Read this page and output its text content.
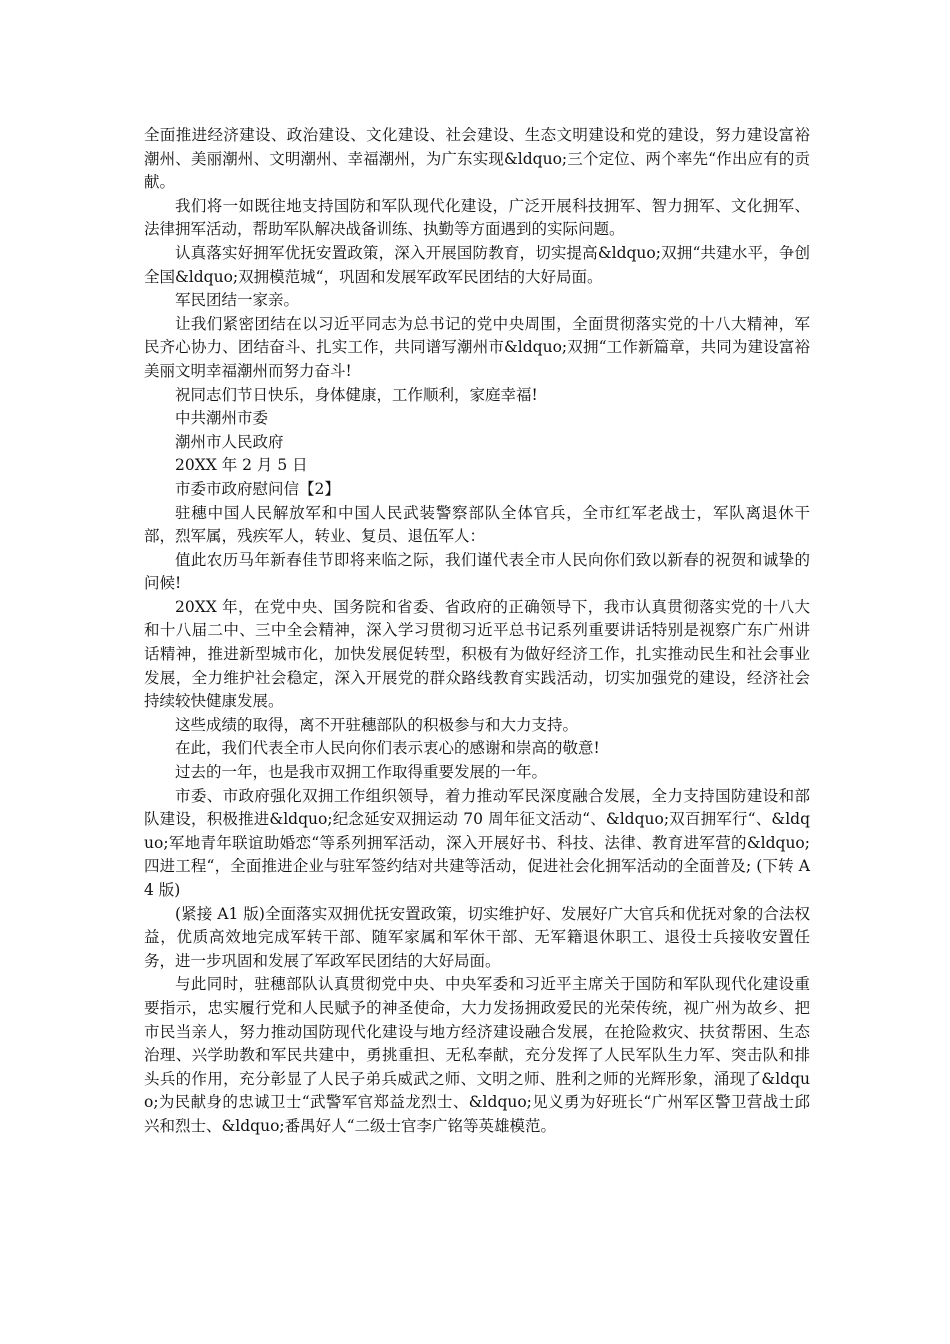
全面推进经济建设、政治建设、文化建设、社会建设、生态文明建设和党的建设，努力建设富裕潮州、美丽潮州、文明潮州、幸福潮州，为广东实现&ldquo;三个定位、两个率先“作出应有的贡献。

我们将一如既往地支持国防和军队现代化建设，广泛开展科技拥军、智力拥军、文化拥军、法律拥军活动，帮助军队解决战备训练、执勤等方面遇到的实际问题。

认真落实好拥军优抚安置政策，深入开展国防教育，切实提高&ldquo;双拥“共建水平，争创全国&ldquo;双拥模范城“，巩固和发展军政军民团结的大好局面。

军民团结一家亲。

让我们紧密团结在以习近平同志为总书记的党中央周围，全面贯彻落实党的十八大精神，军民齐心协力、团结奋斗、扎实工作，共同谱写潮州市&ldquo;双拥“工作新篇章，共同为建设富裕美丽文明幸福潮州而努力奋斗!

祝同志们节日快乐，身体健康，工作顺利，家庭幸福!

中共潮州市委

潮州市人民政府

20XX 年 2 月 5 日

市委市政府慰问信【2】

驻穗中国人民解放军和中国人民武装警察部队全体官兵，全市红军老战士，军队离退休干部，烈军属，残疾军人，转业、复员、退伍军人：

值此农历马年新春佳节即将来临之际，我们谨代表全市人民向你们致以新春的祝贺和诚挚的问候!

20XX 年，在党中央、国务院和省委、省政府的正确领导下，我市认真贯彻落实党的十八大和十八届二中、三中全会精神，深入学习贯彻习近平总书记系列重要讲话特别是视察广东广州讲话精神，推进新型城市化，加快发展促转型，积极有为做好经济工作，扎实推动民生和社会事业发展，全力维护社会稳定，深入开展党的群众路线教育实践活动，切实加强党的建设，经济社会持续较快健康发展。

这些成绩的取得，离不开驻穗部队的积极参与和大力支持。

在此，我们代表全市人民向你们表示衷心的感谢和崇高的敬意!

过去的一年，也是我市双拥工作取得重要发展的一年。

市委、市政府强化双拥工作组织领导，着力推动军民深度融合发展，全力支持国防建设和部队建设，积极推进&ldquo;纪念延安双拥运动 70 周年征文活动“、&ldquo;双百拥军行“、&ldquo;军地青年联谊助婚恋“等系列拥军活动，深入开展好书、科技、法律、教育进军营的&ldquo;四进工程“，全面推进企业与驻军签约结对共建等活动，促进社会化拥军活动的全面普及; (下转 A4 版)

(紧接 A1 版)全面落实双拥优抚安置政策，切实维护好、发展好广大官兵和优抚对象的合法权益，优质高效地完成军转干部、随军家属和军休干部、无军籍退休职工、退役士兵接收安置任务，进一步巩固和发展了军政军民团结的大好局面。

与此同时，驻穗部队认真贯彻党中央、中央军委和习近平主席关于国防和军队现代化建设重要指示，忠实履行党和人民赋予的神圣使命，大力发扬拥政爱民的光荣传统，视广州为故乡、把市民当亲人，努力推动国防现代化建设与地方经济建设融合发展，在抢险救灾、扶贫帮困、生态治理、兴学助教和军民共建中，勇挑重担、无私奉献，充分发挥了人民军队生力军、突击队和排头兵的作用，充分彰显了人民子弟兵威武之师、文明之师、胜利之师的光辉形象，涌现了&ldquo;为民献身的忠诚卫士“武警军官郑益龙烈士、&ldquo;见义勇为好班长“广州军区警卫营战士邱兴和烈士、&ldquo;番禺好人“二级士官李广铭等英雄模范。
